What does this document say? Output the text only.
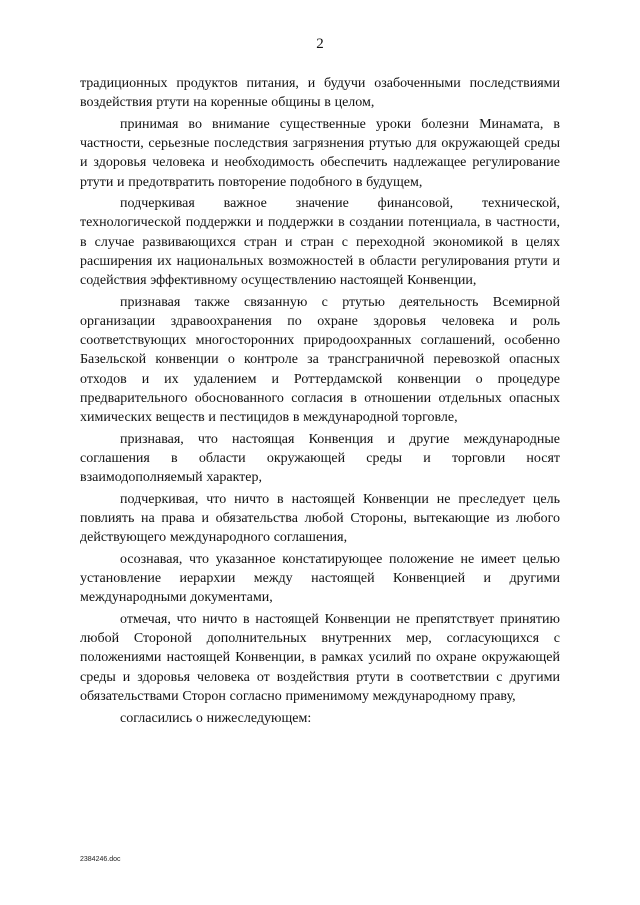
2

традиционных продуктов питания, и будучи озабоченными последствиями воздействия ртути на коренные общины в целом,

принимая во внимание существенные уроки болезни Минамата, в частности, серьезные последствия загрязнения ртутью для окружающей среды и здоровья человека и необходимость обеспечить надлежащее регулирование ртути и предотвратить повторение подобного в будущем,

подчеркивая важное значение финансовой, технической, технологической поддержки и поддержки в создании потенциала, в частности, в случае развивающихся стран и стран с переходной экономикой в целях расширения их национальных возможностей в области регулирования ртути и содействия эффективному осуществлению настоящей Конвенции,

признавая также связанную с ртутью деятельность Всемирной организации здравоохранения по охране здоровья человека и роль соответствующих многосторонних природоохранных соглашений, особенно Базельской конвенции о контроле за трансграничной перевозкой опасных отходов и их удалением и Роттердамской конвенции о процедуре предварительного обоснованного согласия в отношении отдельных опасных химических веществ и пестицидов в международной торговле,

признавая, что настоящая Конвенция и другие международные соглашения в области окружающей среды и торговли носят взаимодополняемый характер,

подчеркивая, что ничто в настоящей Конвенции не преследует цель повлиять на права и обязательства любой Стороны, вытекающие из любого действующего международного соглашения,

осознавая, что указанное констатирующее положение не имеет целью установление иерархии между настоящей Конвенцией и другими международными документами,

отмечая, что ничто в настоящей Конвенции не препятствует принятию любой Стороной дополнительных внутренних мер, согласующихся с положениями настоящей Конвенции, в рамках усилий по охране окружающей среды и здоровья человека от воздействия ртути в соответствии с другими обязательствами Сторон согласно применимому международному праву,

согласились о нижеследующем:

2384246.doc
